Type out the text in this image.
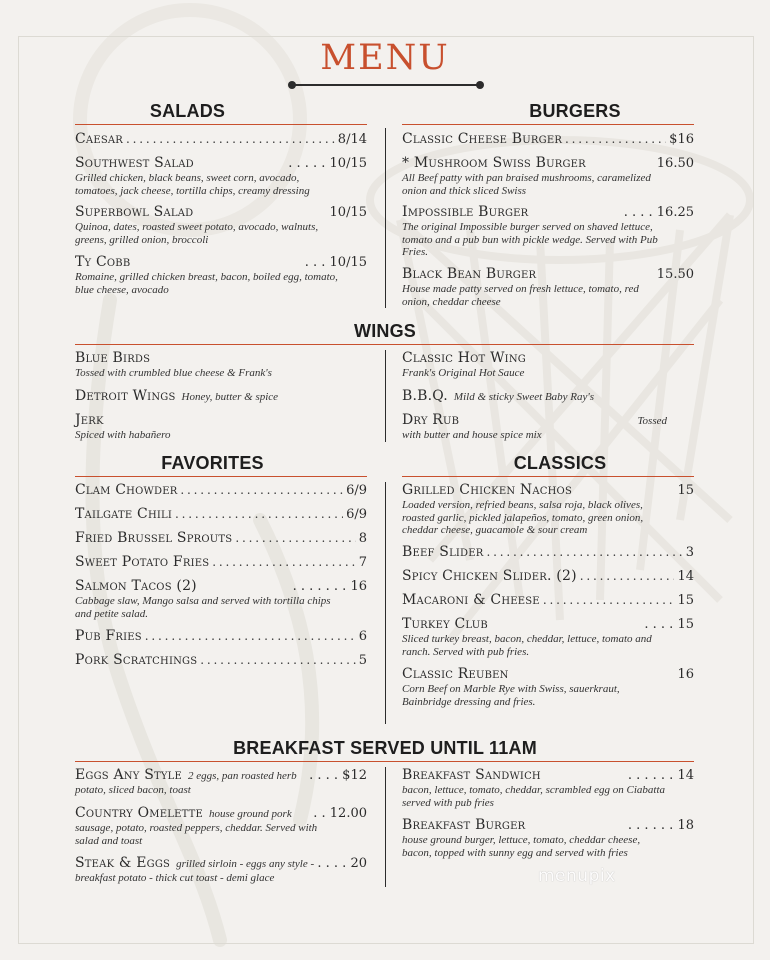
MENU
SALADS
Caesar . . .	8/14
Southwest Salad	. . . . . 10/15
Grilled chicken, black beans, sweet corn, avocado, tomatoes, jack cheese, tortilla chips, creamy dressing
Superbowl Salad	10/15
Quinoa, dates, roasted sweet potato, avocado, walnuts, greens, grilled onion, broccoli
Ty Cobb	. . . 10/15
Romaine, grilled chicken breast, bacon, boiled egg, tomato, blue cheese, avocado
BURGERS
Classic Cheese Burger . . .	$16
* Mushroom Swiss Burger	16.50
All Beef patty with pan braised mushrooms, caramelized onion and thick sliced Swiss
Impossible Burger	. . . . 16.25
The original Impossible burger served on shaved lettuce, tomato and a pub bun with pickle wedge. Served with Pub Fries.
Black Bean Burger	15.50
House made patty served on fresh lettuce, tomato, red onion, cheddar cheese
WINGS
Blue Birds
Tossed with crumbled blue cheese & Frank's
Detroit Wings Honey, butter & spice
Jerk
Spiced with habañero
Classic Hot Wing
Frank's Original Hot Sauce
B.B.Q. Mild & sticky Sweet Baby Ray's
Dry Rub	Tossed
with butter and house spice mix
FAVORITES
Clam Chowder . . .	6/9
Tailgate Chili . . .	6/9
Fried Brussel Sprouts . . .	8
Sweet Potato Fries . . .	7
Salmon Tacos (2)	. . . . . . . 16
Cabbage slaw, Mango salsa and served with tortilla chips and petite salad.
Pub Fries . . .	6
Pork Scratchings . . .	5
CLASSICS
Grilled Chicken Nachos	15
Loaded version, refried beans, salsa roja, black olives, roasted garlic, pickled jalapeños, tomato, green onion, cheddar cheese, guacamole & sour cream
Beef Slider . . .	3
Spicy Chicken Slider. (2) . . .	14
Macaroni & Cheese . . .	15
Turkey Club	. . . . 15
Sliced turkey breast, bacon, cheddar, lettuce, tomato and ranch. Served with pub fries.
Classic Reuben	16
Corn Beef on Marble Rye with Swiss, sauerkraut, Bainbridge dressing and fries.
BREAKFAST SERVED UNTIL 11AM
Eggs Any Style 2 eggs, pan roasted herb . . . . $12
potato, sliced bacon, toast
Country Omelette house ground pork . . 12.00
sausage, potato, roasted peppers, cheddar. Served with salad and toast
Steak & Eggs grilled sirloin - eggs any style - . . . . 20
breakfast potato - thick cut toast - demi glace
Breakfast Sandwich	. . . . . . 14
bacon, lettuce, tomato, cheddar, scrambled egg on Ciabatta served with pub fries
Breakfast Burger	. . . . . . 18
house ground burger, lettuce, tomato, cheddar cheese, bacon, topped with sunny egg and served with fries
menupix
